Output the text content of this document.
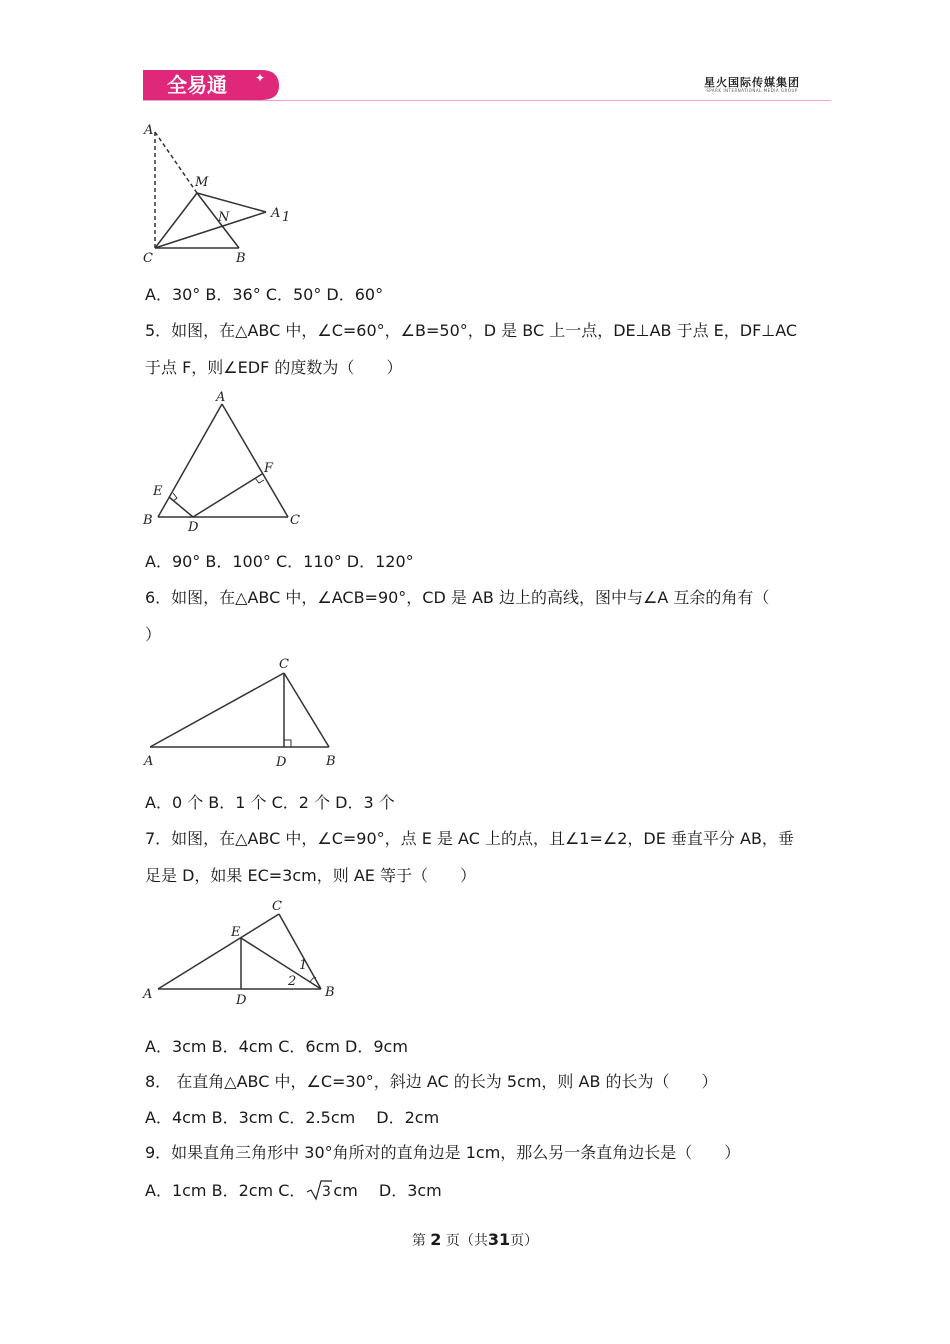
全易通 ✦	星火国际传媒集团
SPARK INTERNATIONAL MEDIA GROUP
A
M
N	A 1
C	B
A．30° B．36° C．50° D．60°
5．如图，在△ABC 中，∠C=60°，∠B=50°，D 是 BC 上一点，DE⊥AB 于点 E，DF⊥AC
于点 F，则∠EDF 的度数为（　　）
A
E
F
B	D	C
A．90° B．100° C．110° D．120°
6．如图，在△ABC 中，∠ACB=90°，CD 是 AB 边上的高线，图中与∠A 互余的角有（
）
C
A	D	B
A．0 个 B．1 个 C．2 个 D．3 个
7．如图，在△ABC 中，∠C=90°，点 E 是 AC 上的点，且∠1=∠2，DE 垂直平分 AB，垂
足是 D，如果 EC=3cm，则 AE 等于（　　）
C
E
A	D
B
1
2
A．3cm B．4cm C．6cm D．9cm
8． 在直角△ABC 中，∠C=30°，斜边 AC 的长为 5cm，则 AB 的长为（　　）
A．4cm B．3cm C．2.5cm　 D．2cm
9．如果直角三角形中 30°角所对的直角边是 1cm，那么另一条直角边长是（　　）
A．1cm B．2cm C． 3 cm　 D．3cm
第 2 页（共31页）
